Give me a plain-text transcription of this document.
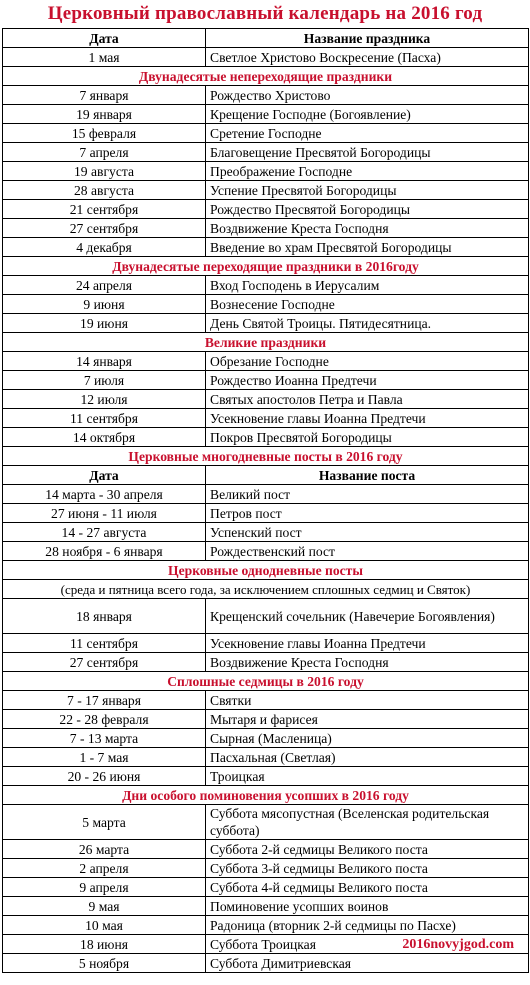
Церковный православный календарь на 2016 год
Дата	Название праздника
1 мая	Светлое Христово Воскресение (Пасха)
Двунадесятые непереходящие праздники	
7 января	Рождество Христово
19 января	Крещение Господне (Богоявление)
15 февраля	Сретение Господне
7 апреля	Благовещение Пресвятой Богородицы
19 августа	Преображение Господне
28 августа	Успение Пресвятой Богородицы
21 сентября	Рождество Пресвятой Богородицы
27 сентября	Воздвижение Креста Господня
4 декабря	Введение во храм Пресвятой Богородицы
Двунадесятые переходящие праздники в 2016году	
24 апреля	Вход Господень в Иерусалим
9 июня	Вознесение Господне
19 июня	День Святой Троицы. Пятидесятница.
Великие праздники	
14 января	Обрезание Господне
7 июля	Рождество Иоанна Предтечи
12 июля	Святых апостолов Петра и Павла
11 сентября	Усекновение главы Иоанна Предтечи
14 октября	Покров Пресвятой Богородицы
Церковные многодневные посты в 2016 году	
Дата	Название поста
14 марта - 30 апреля	Великий пост
27 июня - 11 июля	Петров пост
14 - 27 августа	Успенский пост
28 ноября - 6 января	Рождественский пост
Церковные однодневные посты	
(среда и пятница всего года, за исключением сплошных седмиц и Святок)	
18 января	Крещенский сочельник (Навечерие Богоявления)
11 сентября	Усекновение главы Иоанна Предтечи
27 сентября	Воздвижение Креста Господня
Сплошные седмицы в 2016 году	
7 - 17 января	Святки
22 - 28 февраля	Мытаря и фарисея
7 - 13 марта	Сырная (Масленица)
1 - 7 мая	Пасхальная (Светлая)
20 - 26 июня	Троицкая
Дни особого поминовения усопших в 2016 году	
5 марта	Суббота мясопустная (Вселенская родительская суббота)
26 марта	Суббота 2-й седмицы Великого поста
2 апреля	Суббота 3-й седмицы Великого поста
9 апреля	Суббота 4-й седмицы Великого поста
9 мая	Поминовение усопших воинов
10 мая	Радоница (вторник 2-й седмицы по Пасхе)
18 июня	Суббота Троицкая 2016novyjgod.com

5 ноября	Суббота Димитриевская
